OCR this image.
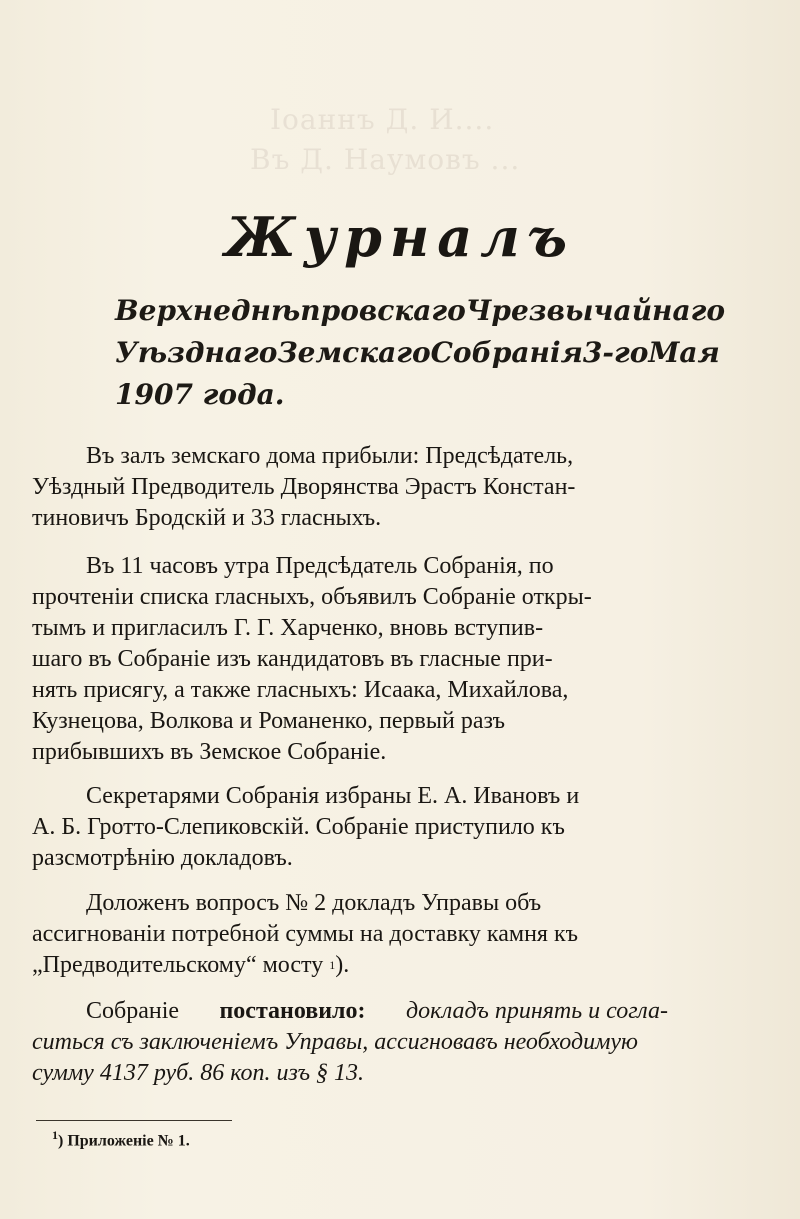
Іоаннъ Д. И....
Въ Д. Наумовъ ...
Журналъ
Верхнеднѣпровскаго Чрезвычайнаго
Уѣзднаго Земскаго Собранія 3-го Мая
1907 года.
Въ залъ земскаго дома прибыли: Предсѣдатель,
Уѣздный Предводитель Дворянства Эрастъ Констан-
тиновичъ Бродскій и 33 гласныхъ.
Въ 11 часовъ утра Предсѣдатель Собранія, по
прочтеніи списка гласныхъ, объявилъ Собраніе откры-
тымъ и пригласилъ Г. Г. Харченко, вновь вступив-
шаго въ Собраніе изъ кандидатовъ въ гласные при-
нять присягу, а также гласныхъ: Исаака, Михайлова,
Кузнецова, Волкова и Романенко, первый разъ
прибывшихъ въ Земское Собраніе.
Секретарями Собранія избраны Е. А. Ивановъ и
А. Б. Гротто-Слепиковскій. Собраніе приступило къ
разсмотрѣнію докладовъ.
Доложенъ вопросъ № 2 докладъ Управы объ
ассигнованіи потребной суммы на доставку камня къ
„Предводительскому“ мосту
1 ).
Собраніе постановило: докладъ принять и согла-
ситься съ заключеніемъ Управы, ассигновавъ необходимую
сумму 4137 руб. 86 коп. изъ § 13.
$^1$) Приложеніе № 1.
